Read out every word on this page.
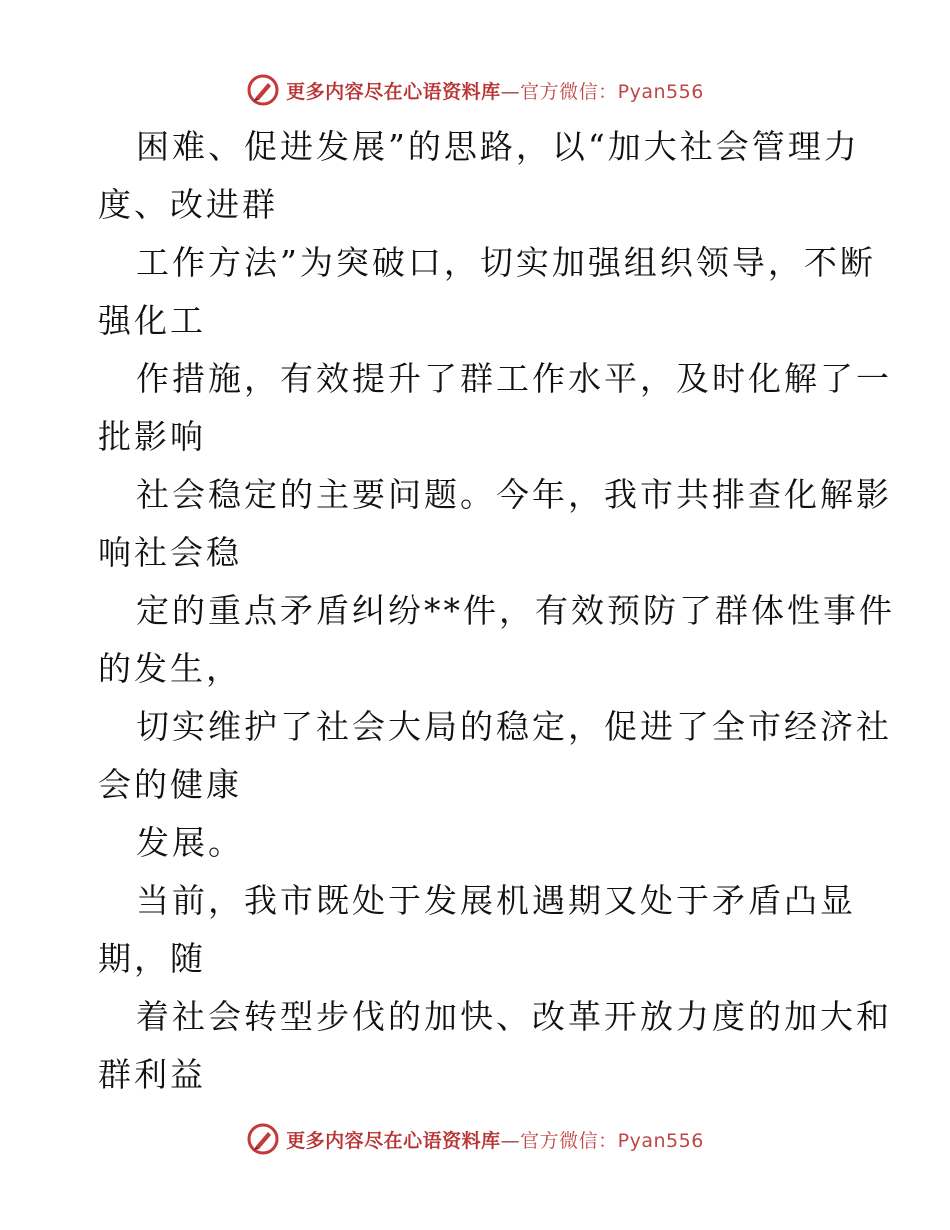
更多内容尽在心语资料库—官方微信：Pyan556
困难、促进发展”的思路，以“加大社会管理力
度、改进群
工作方法”为突破口，切实加强组织领导，不断
强化工
作措施，有效提升了群工作水平，及时化解了一
批影响
社会稳定的主要问题。今年，我市共排查化解影
响社会稳
定的重点矛盾纠纷**件，有效预防了群体性事件
的发生，
切实维护了社会大局的稳定，促进了全市经济社
会的健康
发展。
当前，我市既处于发展机遇期又处于矛盾凸显
期，随
着社会转型步伐的加快、改革开放力度的加大和
群利益
更多内容尽在心语资料库—官方微信：Pyan556
